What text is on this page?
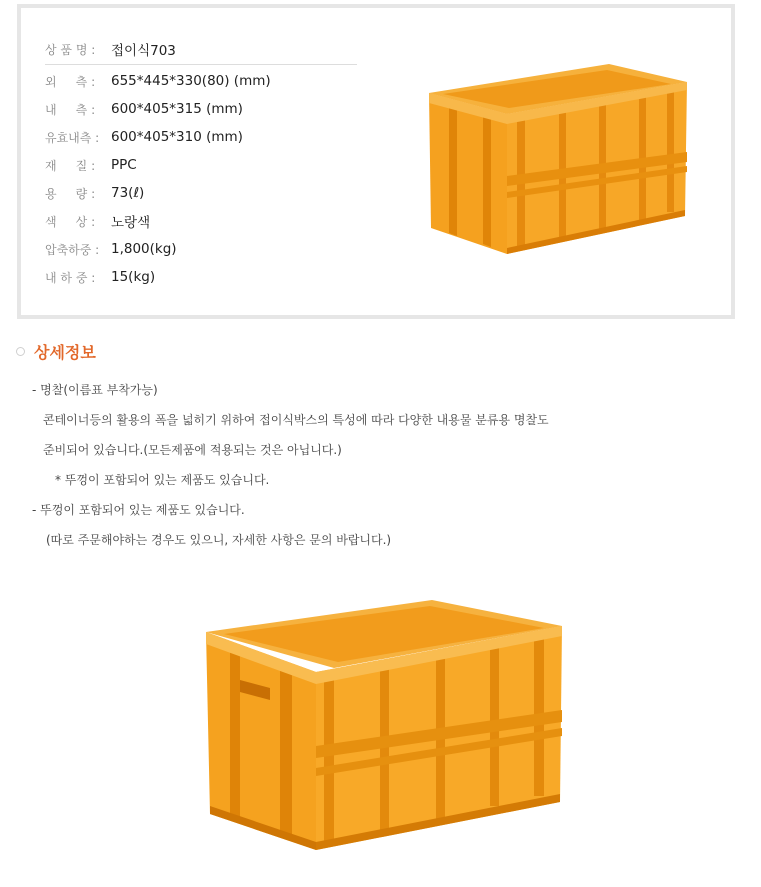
상 품 명 :	접이식703
외     측 :	655*445*330(80) (mm)
내     측 :	600*405*315 (mm)
유효내측 : 600*405*310 (mm)
재     질 :	PPC
용     량 :	73(ℓ)
색     상 :	노랑색
압축하중 : 1,800(kg)
내 하 중 :	15(kg)
상세정보
- 명찰(이름표 부착가능)
콘테이너등의 활용의 폭을 넓히기 위하여 접이식박스의 특성에 따라 다양한 내용물 분류용 명찰도
준비되어 있습니다.(모든제품에 적용되는 것은 아닙니다.)
* 뚜껑이 포함되어 있는 제품도 있습니다.
- 뚜껑이 포함되어 있는 제품도 있습니다.
(따로 주문해야하는 경우도 있으니, 자세한 사항은 문의 바랍니다.)
